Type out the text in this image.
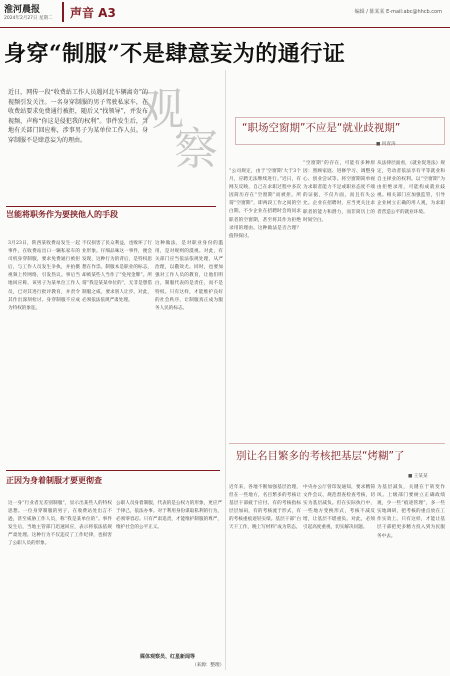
淮河晨报
2024年2月27日 星期二 声音 A3	编辑 / 陈某某 E-mail:abc@hhcb.com
身穿“制服”不是肆意妄为的通行证
观
察
近日，网传一段“收费站工作人员遇河北车辆离奇”的视频引发关注。一名身穿制服的男子驾驶私家车，在收费站要求免费通行被拒，随后又“找领导”，并发布视频，声称“你这是侵犯我的权利”。事件发生后，当地有关部门回应称，涉事男子为某单位工作人员。身穿制服不是肆意妄为的理由。
岂能将职务作为要挟他人的手段
3月23日，陕西某收费站发生一起事件，在收费站出口一辆私家车的司机身穿制服，要求免费通行被拒后，与工作人员发生争执，并拍摄视频上传网络，引发热议。事后当地回应称，该男子为某单位工作人员，已对其进行批评教育，并责令其作出深刻检讨。身穿制服不应成为特权的象征。
不仅损害了民众利益，也败坏了行业形象。仔细品味这一事件，便会发现，这种行为的背后，是特权思想在作祟。制服本是职业的标志，却被某些人当作了“免死金牌”。所谓“我是某某单位的”，无非是想借制服之威，要求别人让步。对此，必须依法依规严肃处理。
这种做法，是对职业身份的滥用，是对规则的漠视。对此，有关部门应当依法依规处理，从严治理，以儆效尤。同时，也要加强对工作人员的教育，让他们明白，制服代表的是责任，而不是特权。只有这样，才能维护良好的社会秩序，让制服真正成为服务人民的标志。
“职场空窗期”不应是“就业歧视期”
■ 何青涛
“公司规定，由于‘空窗期’大于3个月，应聘无法继续进行。”近日，有网友反映，自己在求职过程中多次因简历存在“空窗期”而被拒。所谓“空窗期”，即两段工作之间的空白期。不少企业在招聘时会询问求职者的空窗期，甚至将其作为拒绝录用的理由。这种做法是否合理？值得探讨。
“空窗期”的存在，可能有多种原因：照顾家庭、进修学习、调整身心、创业尝试等。将空窗期简单视为求职者能力不足或职业态度不端的证据，不仅片面，而且有失公允。企业在招聘时，应当更关注求职者的能力和潜力，而非简历上的时间空白。
从法律层面看，《就业促进法》规定，劳动者依法享有平等就业和自主择业的权利。以“空窗期”为由拒绝录用，可能构成就业歧视。相关部门应加强监管，引导企业树立正确的用人观，为求职者营造公平的就业环境。
别让名目繁多的考核把基层“烤糊”了
■ 王某某
近年来，各地不断加强基层治理，但在一些地方，名目繁多的考核让基层干部疲于应付。有的考核指标层层加码，有的考核流于形式，有的考核重痕迹轻实绩。基层干部“白天干工作，晚上写材料”成为常态。
中央办公厅曾印发通知，要求精简文件会议、规范督查检查考核，切实为基层减负。但在实际执行中，一些地方变换形式，考核不减反增，让基层不堪重负。对此，必须引起高度重视，切实解决问题。
为基层减负，关键在于转变作风。上级部门要树立正确政绩观，少一些“痕迹管理”，多一些实地调研，把考核的重点放在工作实效上。只有这样，才能让基层干部把更多精力投入到为民服务中去。
正因为身着制服才要更彻查
这一身“行业者无差别制服”，显示出某些人的特权思想。一位身穿制服的男子，在收费站处出言不逊，甚至威胁工作人员，称“我是某单位的”。事件发生后，当地主管部门迅速回应，表示将依法依规严肃处理。这种行为不仅违反了工作纪律，也损害了公职人员的形象。
公职人员身着制服，代表的是公权力的形象，更应严于律己，依法办事。对于利用身份谋取私利的行为，必须零容忍。只有严肃追责，才能维护制服的尊严，维护社会的公平正义。
媒体观察员、红星新闻等
（来源：整理）
